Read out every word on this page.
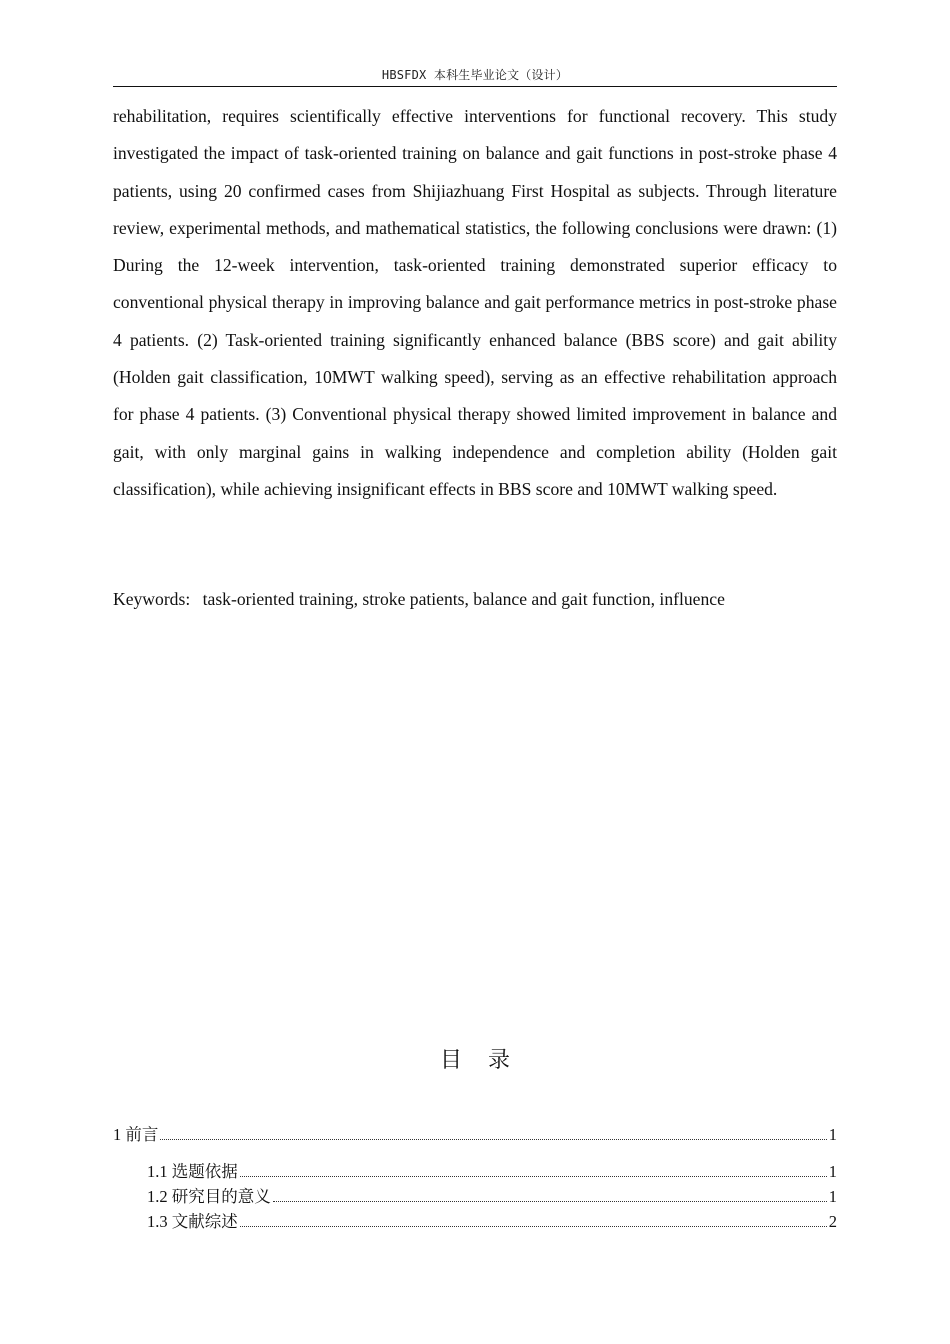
HBSFDX 本科生毕业论文（设计）

rehabilitation, requires scientifically effective interventions for functional recovery. This study investigated the impact of task-oriented training on balance and gait functions in post-stroke phase 4 patients, using 20 confirmed cases from Shijiazhuang First Hospital as subjects. Through literature review, experimental methods, and mathematical statistics, the following conclusions were drawn: (1) During the 12-week intervention, task-oriented training demonstrated superior efficacy to conventional physical therapy in improving balance and gait performance metrics in post-stroke phase 4 patients. (2) Task-oriented training significantly enhanced balance (BBS score) and gait ability (Holden gait classification, 10MWT walking speed), serving as an effective rehabilitation approach for phase 4 patients. (3) Conventional physical therapy showed limited improvement in balance and gait, with only marginal gains in walking independence and completion ability (Holden gait classification), while achieving insignificant effects in BBS score and 10MWT walking speed.

Keywords: task-oriented training, stroke patients, balance and gait function, influence

目录
1 前言	1
1.1 选题依据	1
1.2 研究目的意义	1
1.3 文献综述	2
